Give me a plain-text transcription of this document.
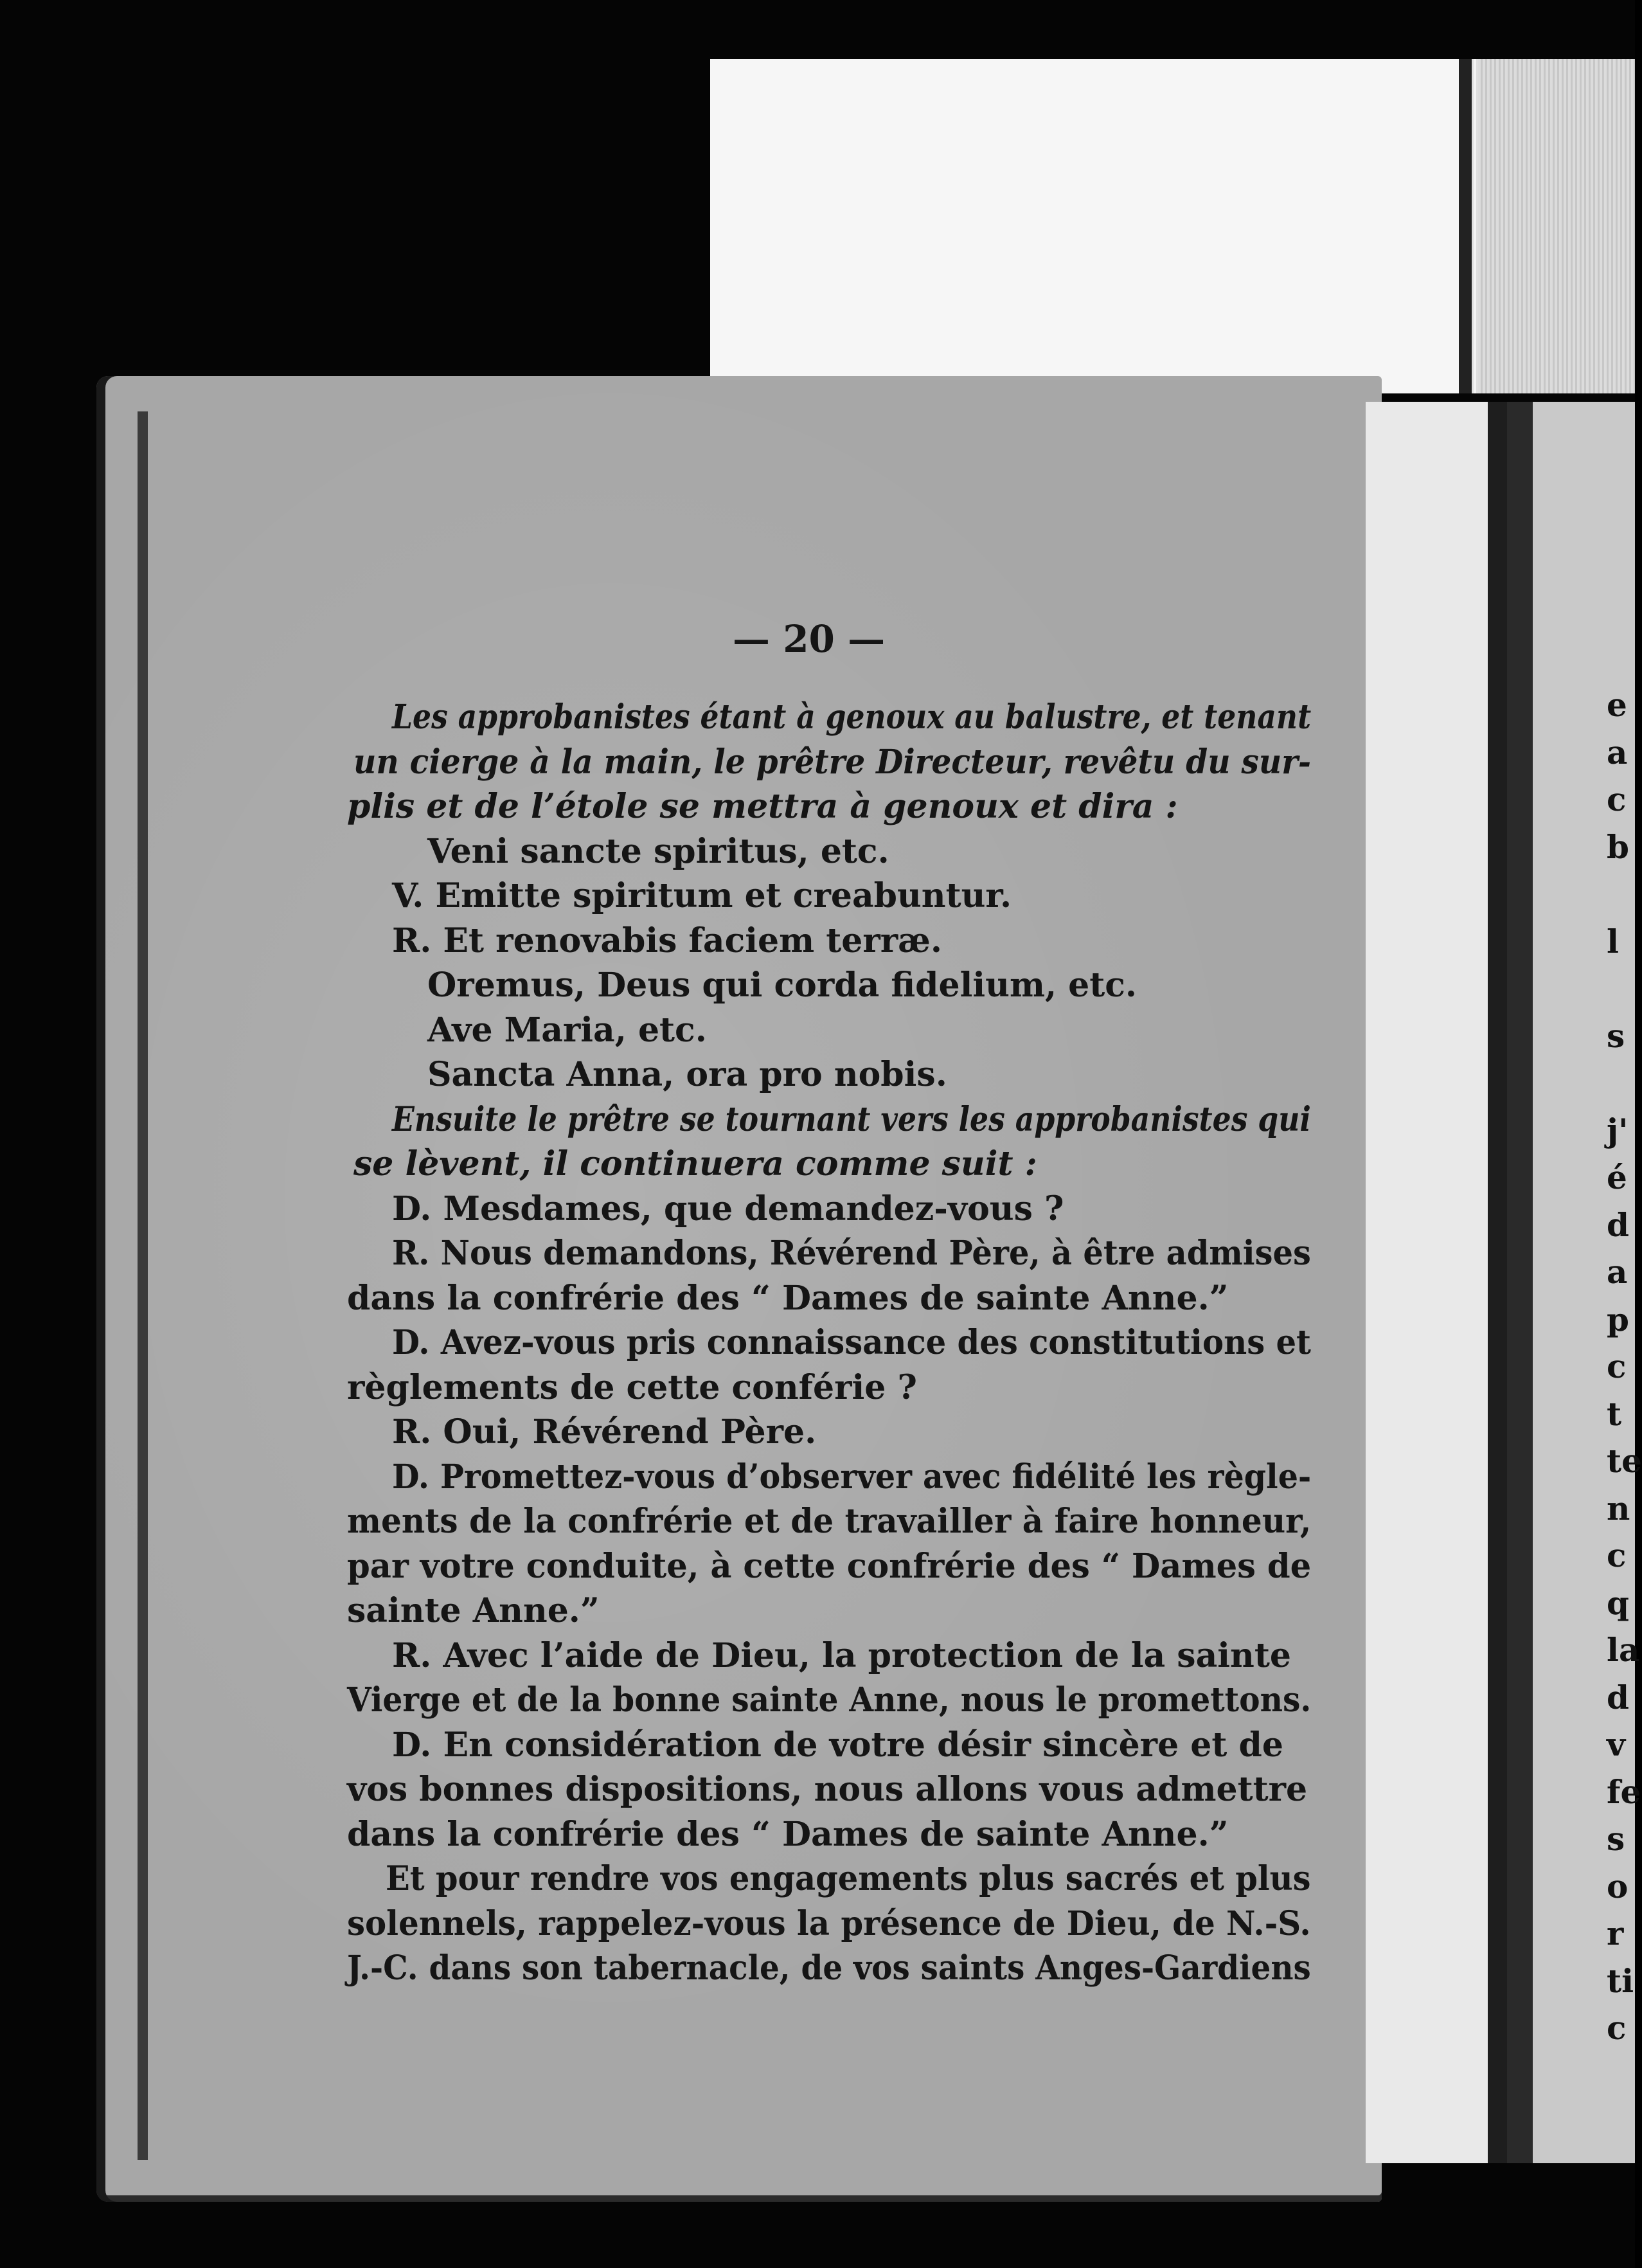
e
a
c
b
l
s
j'
é
d
a
p
c
t
te
n
c
q
la
d
v
fe
s
o
r
ti
c
— 20 —
Les approbanistes étant à genoux au balustre, et tenant
un cierge à la main, le prêtre Directeur, revêtu du sur-
plis et de l’étole se mettra à genoux et dira :
Veni sancte spiritus, etc.
V. Emitte spiritum et creabuntur.
R. Et renovabis faciem terræ.
Oremus, Deus qui corda fidelium, etc.
Ave Maria, etc.
Sancta Anna, ora pro nobis.
Ensuite le prêtre se tournant vers les approbanistes qui
se lèvent, il continuera comme suit :
D. Mesdames, que demandez-vous ?
R. Nous demandons, Révérend Père, à être admises
dans la confrérie des “ Dames de sainte Anne.”
D. Avez-vous pris connaissance des constitutions et
règlements de cette conférie ?
R. Oui, Révérend Père.
D. Promettez-vous d’observer avec fidélité les règle-
ments de la confrérie et de travailler à faire honneur,
par votre conduite, à cette confrérie des “ Dames de
sainte Anne.”
R. Avec l’aide de Dieu, la protection de la sainte
Vierge et de la bonne sainte Anne, nous le promettons.
D. En considération de votre désir sincère et de
vos bonnes dispositions, nous allons vous admettre
dans la confrérie des “ Dames de sainte Anne.”
Et pour rendre vos engagements plus sacrés et plus
solennels, rappelez-vous la présence de Dieu, de N.-S.
J.-C. dans son tabernacle, de vos saints Anges-Gardiens
